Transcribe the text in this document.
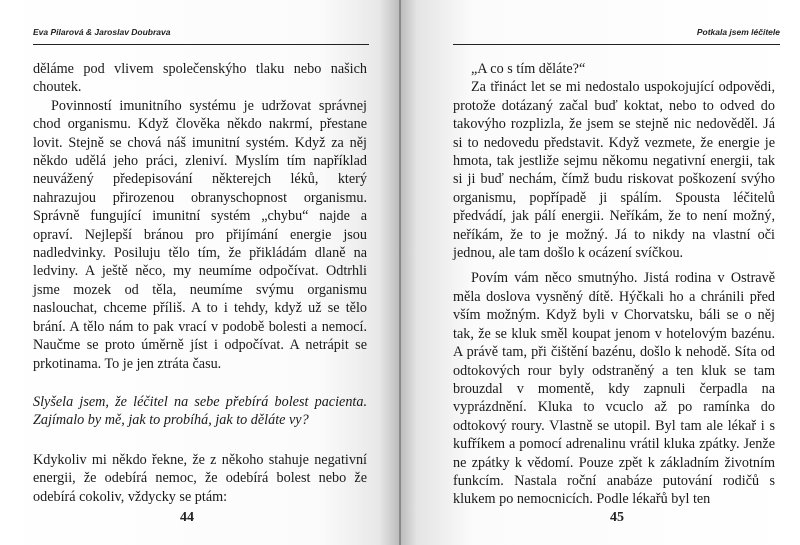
Eva Pilarová & Jaroslav Doubrava

děláme pod vlivem společenskýho tlaku nebo našich choutek.

Povinností imunitního systému je udržovat správnej chod organismu. Když člověka někdo nakrmí, přestane lovit. Stejně se chová náš imunitní systém. Když za něj někdo udělá jeho práci, zleniví. Myslím tím například neuvážený předepisování některejch léků, který nahrazujou přirozenou obranyschopnost organismu. Správně fungující imunitní systém „chybu“ najde a opraví. Nejlepší bránou pro přijímání energie jsou nadledvinky. Posiluju tělo tím, že přikládám dlaně na ledviny. A ještě něco, my neumíme odpočívat. Odtrhli jsme mozek od těla, neumíme svýmu organismu naslouchat, chceme příliš. A to i tehdy, když už se tělo brání. A tělo nám to pak vrací v podobě bolesti a nemocí. Naučme se proto úměrně jíst i odpočívat. A netrápit se prkotinama. To je jen ztráta času.

Slyšela jsem, že léčitel na sebe přebírá bolest pacienta. Zajímalo by mě, jak to probíhá, jak to děláte vy?

Kdykoliv mi někdo řekne, že z někoho stahuje negativní energii, že odebírá nemoc, že odebírá bolest nebo že odebírá cokoliv, vždycky se ptám:

44
Potkala jsem léčitele

„A co s tím děláte?“

Za třináct let se mi nedostalo uspokojující odpovědi, protože dotázaný začal buď koktat, nebo to odved do takovýho rozplizla, že jsem se stejně nic nedověděl. Já si to nedovedu představit. Když vezmete, že energie je hmota, tak jestliže sejmu někomu negativní energii, tak si ji buď nechám, čímž budu riskovat poškození svýho organismu, popřípadě ji spálím. Spousta léčitelů předvádí, jak pálí energii. Neříkám, že to není možný, neříkám, že to je možný. Já to nikdy na vlastní oči jednou, ale tam došlo k ocázení svíčkou.

Povím vám něco smutnýho. Jistá rodina v Ostravě měla doslova vysněný dítě. Hýčkali ho a chránili před vším možným. Když byli v Chorvatsku, báli se o něj tak, že se kluk směl koupat jenom v hotelovým bazénu. A právě tam, při čištění bazénu, došlo k nehodě. Síta od odtokových rour byly odstraněný a ten kluk se tam brouzdal v momentě, kdy zapnuli čerpadla na vyprázdnění. Kluka to vcuclo až po ramínka do odtokový roury. Vlastně se utopil. Byl tam ale lékař i s kufříkem a pomocí adrenalinu vrátil kluka zpátky. Jenže ne zpátky k vědomí. Pouze zpět k základním životním funkcím. Nastala roční anabáze putování rodičů s klukem po nemocnicích. Podle lékařů byl ten

45
